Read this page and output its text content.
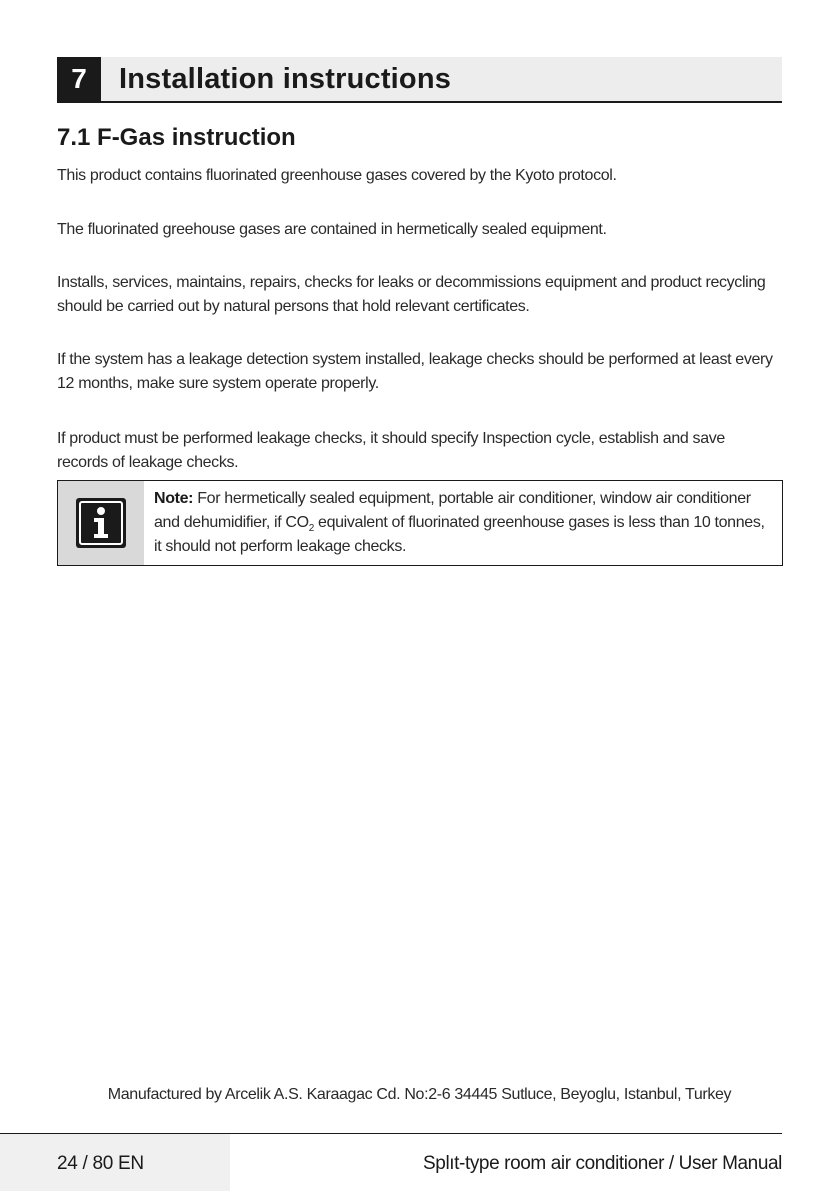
7	Installation instructions
7.1 F-Gas instruction

This product contains fluorinated greenhouse gases covered by the Kyoto protocol.

The fluorinated greehouse gases are contained in hermetically sealed equipment.

Installs, services, maintains, repairs, checks for leaks or decommissions equipment and product recycling should be carried out by natural persons that hold relevant certificates.

If the system has a leakage detection system installed, leakage checks should be performed at least every 12 months, make sure system operate properly.

If product must be performed leakage checks, it should specify Inspection cycle, establish and save records of leakage checks.

Note: For hermetically sealed equipment, portable air conditioner, window air conditioner and dehumidifier, if $CO_2$ equivalent of fluorinated greenhouse gases is less than 10 tonnes, it should not perform leakage checks.

Manufactured by Arcelik A.S. Karaagac Cd. No:2-6 34445 Sutluce, Beyoglu, Istanbul, Turkey

24 / 80 EN	Splıt-type room air conditioner / User Manual
